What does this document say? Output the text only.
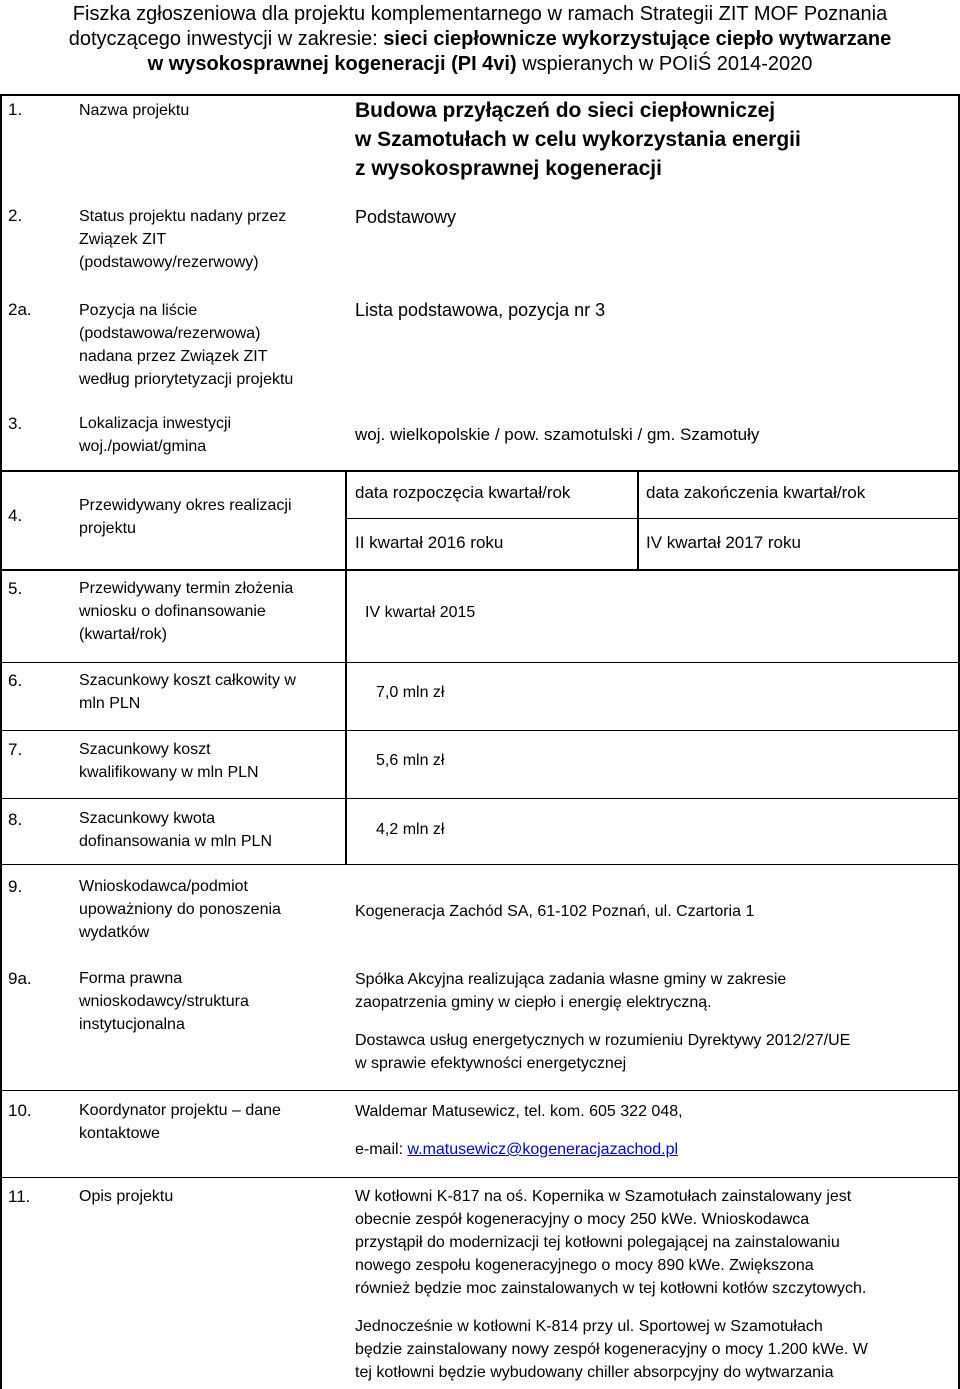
Fiszka zgłoszeniowa dla projektu komplementarnego w ramach Strategii ZIT MOF Poznania
dotyczącego inwestycji w zakresie: sieci ciepłownicze wykorzystujące ciepło wytwarzane
w wysokosprawnej kogeneracji (PI 4vi) wspieranych w POIiŚ 2014-2020
1.	Nazwa projektu	Budowa przyłączeń do sieci ciepłowniczej
w Szamotułach w celu wykorzystania energii
z wysokosprawnej kogeneracji
2.	Status projektu nadany przez
Związek ZIT
(podstawowy/rezerwowy)
Podstawowy
2a.	Pozycja na liście
(podstawowa/rezerwowa)
nadana przez Związek ZIT
według priorytetyzacji projektu
Lista podstawowa, pozycja nr 3
3.	Lokalizacja inwestycji
woj./powiat/gmina
woj. wielkopolskie / pow. szamotulski / gm. Szamotuły
4.
Przewidywany okres realizacji
projektu
data rozpoczęcia kwartał/rok	data zakończenia kwartał/rok
II kwartał 2016 roku	IV kwartał 2017 roku
5.	Przewidywany termin złożenia
wniosku o dofinansowanie
(kwartał/rok)
IV kwartał 2015
6.	Szacunkowy koszt całkowity w
mln PLN
7,0 mln zł
7.	Szacunkowy koszt
kwalifikowany w mln PLN
5,6 mln zł
8.	Szacunkowy kwota
dofinansowania w mln PLN
4,2 mln zł
9.	Wnioskodawca/podmiot
upoważniony do ponoszenia
wydatków
Kogeneracja Zachód SA, 61-102 Poznań, ul. Czartoria 1
9a.	Forma prawna
wnioskodawcy/struktura
instytucjonalna
Spółka Akcyjna realizująca zadania własne gminy w zakresie
zaopatrzenia gminy w ciepło i energię elektryczną.
Dostawca usług energetycznych w rozumieniu Dyrektywy 2012/27/UE
w sprawie efektywności energetycznej
10.	Koordynator projektu – dane
kontaktowe
Waldemar Matusewicz, tel. kom. 605 322 048,
e-mail: w.matusewicz@kogeneracjazachod.pl
11.	Opis projektu	W kotłowni K-817 na oś. Kopernika w Szamotułach zainstalowany jest
obecnie zespół kogeneracyjny o mocy 250 kWe. Wnioskodawca
przystąpił do modernizacji tej kotłowni polegającej na zainstalowaniu
nowego zespołu kogeneracyjnego o mocy 890 kWe. Zwiększona
również będzie moc zainstalowanych w tej kotłowni kotłów szczytowych.
Jednocześnie w kotłowni K-814 przy ul. Sportowej w Szamotułach
będzie zainstalowany nowy zespół kogeneracyjny o mocy 1.200 kWe. W
tej kotłowni będzie wybudowany chiller absorpcyjny do wytwarzania
